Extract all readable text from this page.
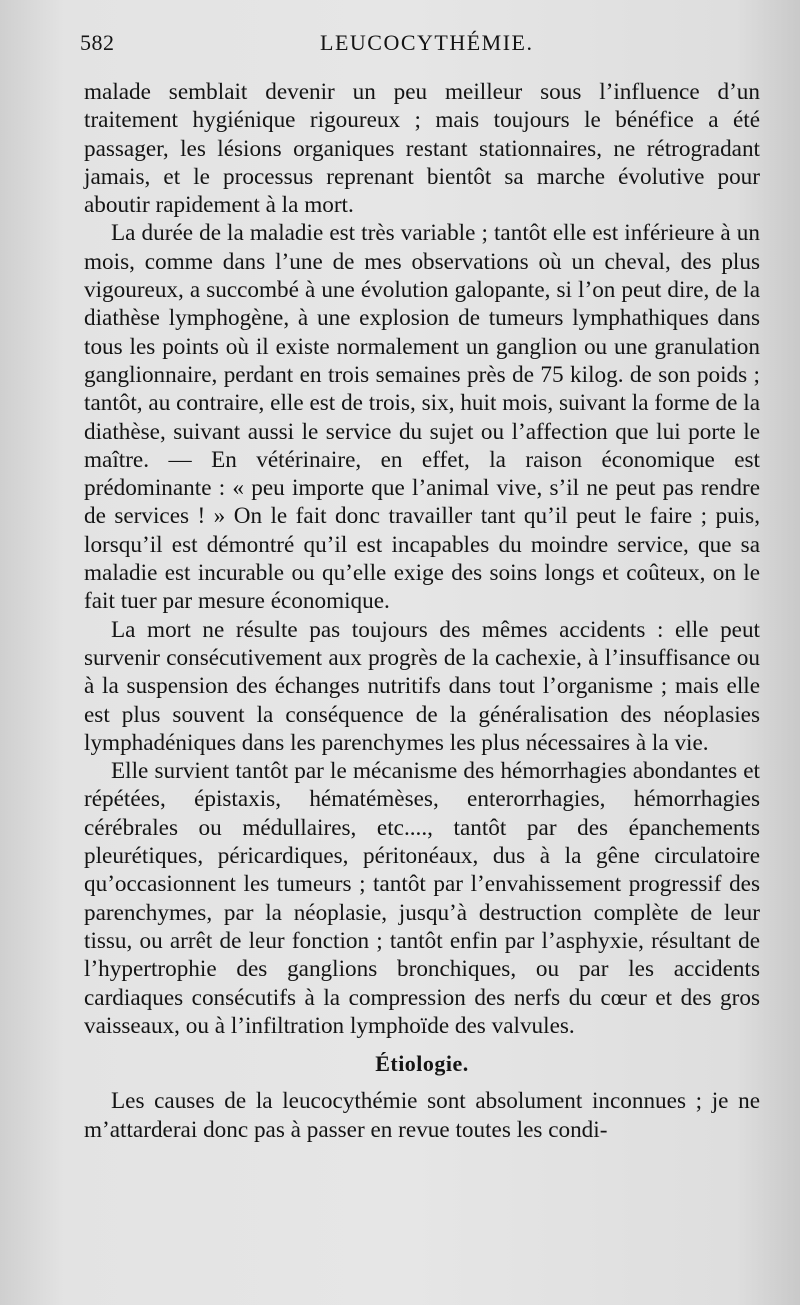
582	LEUCOCYTHÉMIE.

malade semblait devenir un peu meilleur sous l’influence d’un traitement hygiénique rigoureux ; mais toujours le bénéfice a été passager, les lésions organiques restant stationnaires, ne rétrogradant jamais, et le processus reprenant bientôt sa marche évolutive pour aboutir rapidement à la mort.

La durée de la maladie est très variable ; tantôt elle est inférieure à un mois, comme dans l’une de mes observations où un cheval, des plus vigoureux, a succombé à une évolution galopante, si l’on peut dire, de la diathèse lymphogène, à une explosion de tumeurs lymphathiques dans tous les points où il existe normalement un ganglion ou une granulation ganglionnaire, perdant en trois semaines près de 75 kilog. de son poids ; tantôt, au contraire, elle est de trois, six, huit mois, suivant la forme de la diathèse, suivant aussi le service du sujet ou l’affection que lui porte le maître. — En vétérinaire, en effet, la raison économique est prédominante : « peu importe que l’animal vive, s’il ne peut pas rendre de services ! » On le fait donc travailler tant qu’il peut le faire ; puis, lorsqu’il est démontré qu’il est incapables du moindre service, que sa maladie est incurable ou qu’elle exige des soins longs et coûteux, on le fait tuer par mesure économique.

La mort ne résulte pas toujours des mêmes accidents : elle peut survenir consécutivement aux progrès de la cachexie, à l’insuffisance ou à la suspension des échanges nutritifs dans tout l’organisme ; mais elle est plus souvent la conséquence de la généralisation des néoplasies lymphadéniques dans les parenchymes les plus nécessaires à la vie.

Elle survient tantôt par le mécanisme des hémorrhagies abondantes et répétées, épistaxis, hématémèses, enterorrhagies, hémorrhagies cérébrales ou médullaires, etc...., tantôt par des épanchements pleurétiques, péricardiques, péritonéaux, dus à la gêne circulatoire qu’occasionnent les tumeurs ; tantôt par l’envahissement progressif des parenchymes, par la néoplasie, jusqu’à destruction complète de leur tissu, ou arrêt de leur fonction ; tantôt enfin par l’asphyxie, résultant de l’hypertrophie des ganglions bronchiques, ou par les accidents cardiaques consécutifs à la compression des nerfs du cœur et des gros vaisseaux, ou à l’infiltration lymphoïde des valvules.

Étiologie.

Les causes de la leucocythémie sont absolument inconnues ; je ne m’attarderai donc pas à passer en revue toutes les condi-
